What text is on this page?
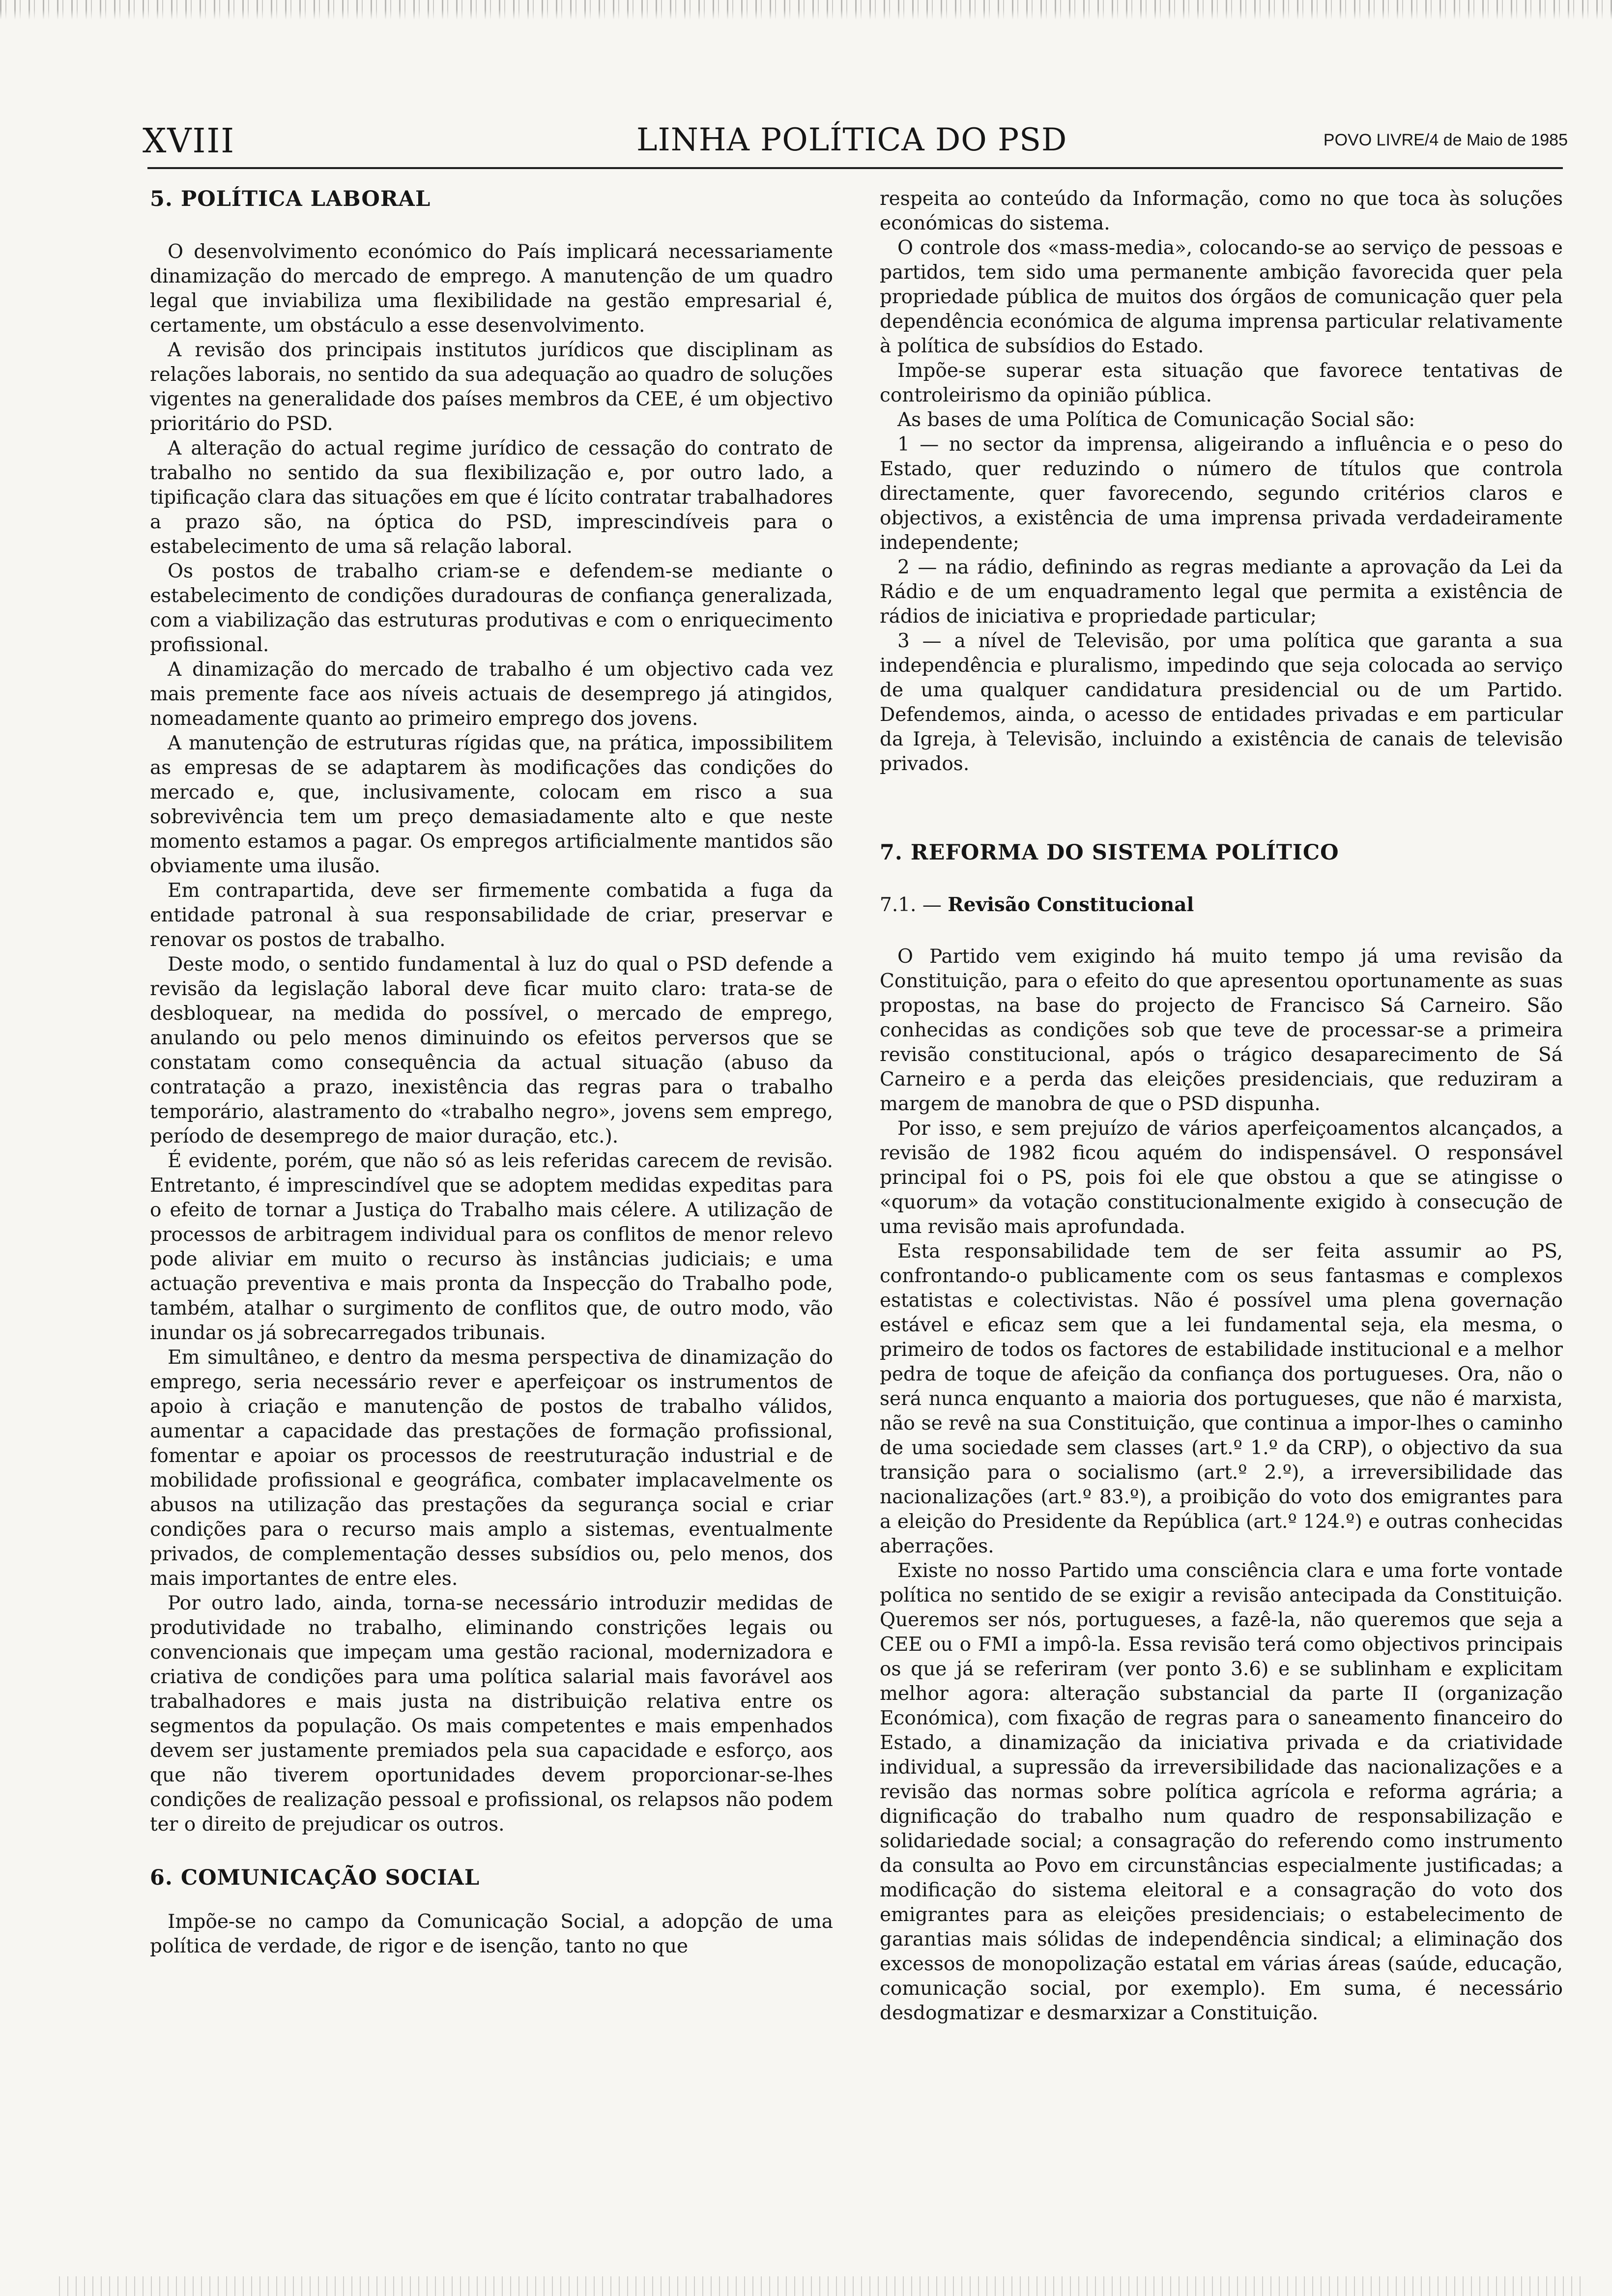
XVIII	LINHA POLÍTICA DO PSD	POVO LIVRE/4 de Maio de 1985
5. POLÍTICA LABORAL

O desenvolvimento económico do País implicará necessariamente dinamização do mercado de emprego. A manutenção de um quadro legal que inviabiliza uma flexibilidade na gestão empresarial é, certamente, um obstáculo a esse desenvolvimento.

A revisão dos principais institutos jurídicos que disciplinam as relações laborais, no sentido da sua adequação ao quadro de soluções vigentes na generalidade dos países membros da CEE, é um objectivo prioritário do PSD.

A alteração do actual regime jurídico de cessação do contrato de trabalho no sentido da sua flexibilização e, por outro lado, a tipificação clara das situações em que é lícito contratar trabalhadores a prazo são, na óptica do PSD, imprescindíveis para o estabelecimento de uma sã relação laboral.

Os postos de trabalho criam-se e defendem-se mediante o estabelecimento de condições duradouras de confiança generalizada, com a viabilização das estruturas produtivas e com o enriquecimento profissional.

A dinamização do mercado de trabalho é um objectivo cada vez mais premente face aos níveis actuais de desemprego já atingidos, nomeadamente quanto ao primeiro emprego dos jovens.

A manutenção de estruturas rígidas que, na prática, impossibilitem as empresas de se adaptarem às modificações das condições do mercado e, que, inclusivamente, colocam em risco a sua sobrevivência tem um preço demasiadamente alto e que neste momento estamos a pagar. Os empregos artificialmente mantidos são obviamente uma ilusão.

Em contrapartida, deve ser firmemente combatida a fuga da entidade patronal à sua responsabilidade de criar, preservar e renovar os postos de trabalho.

Deste modo, o sentido fundamental à luz do qual o PSD defende a revisão da legislação laboral deve ficar muito claro: trata-se de desbloquear, na medida do possível, o mercado de emprego, anulando ou pelo menos diminuindo os efeitos perversos que se constatam como consequência da actual situação (abuso da contratação a prazo, inexistência das regras para o trabalho temporário, alastramento do «trabalho negro», jovens sem emprego, período de desemprego de maior duração, etc.).

É evidente, porém, que não só as leis referidas carecem de revisão. Entretanto, é imprescindível que se adoptem medidas expeditas para o efeito de tornar a Justiça do Trabalho mais célere. A utilização de processos de arbitragem individual para os conflitos de menor relevo pode aliviar em muito o recurso às instâncias judiciais; e uma actuação preventiva e mais pronta da Inspecção do Trabalho pode, também, atalhar o surgimento de conflitos que, de outro modo, vão inundar os já sobrecarregados tribunais.

Em simultâneo, e dentro da mesma perspectiva de dinamização do emprego, seria necessário rever e aperfeiçoar os instrumentos de apoio à criação e manutenção de postos de trabalho válidos, aumentar a capacidade das prestações de formação profissional, fomentar e apoiar os processos de reestruturação industrial e de mobilidade profissional e geográfica, combater implacavelmente os abusos na utilização das prestações da segurança social e criar condições para o recurso mais amplo a sistemas, eventualmente privados, de complementação desses subsídios ou, pelo menos, dos mais importantes de entre eles.

Por outro lado, ainda, torna-se necessário introduzir medidas de produtividade no trabalho, eliminando constrições legais ou convencionais que impeçam uma gestão racional, modernizadora e criativa de condições para uma política salarial mais favorável aos trabalhadores e mais justa na distribuição relativa entre os segmentos da população. Os mais competentes e mais empenhados devem ser justamente premiados pela sua capacidade e esforço, aos que não tiverem oportunidades devem proporcionar-se-lhes condições de realização pessoal e profissional, os relapsos não podem ter o direito de prejudicar os outros.

6. COMUNICAÇÃO SOCIAL

Impõe-se no campo da Comunicação Social, a adopção de uma política de verdade, de rigor e de isenção, tanto no que

respeita ao conteúdo da Informação, como no que toca às soluções económicas do sistema.

O controle dos «mass-media», colocando-se ao serviço de pessoas e partidos, tem sido uma permanente ambição favorecida quer pela propriedade pública de muitos dos órgãos de comunicação quer pela dependência económica de alguma imprensa particular relativamente à política de subsídios do Estado.

Impõe-se superar esta situação que favorece tentativas de controleirismo da opinião pública.

As bases de uma Política de Comunicação Social são:

1 — no sector da imprensa, aligeirando a influência e o peso do Estado, quer reduzindo o número de títulos que controla directamente, quer favorecendo, segundo critérios claros e objectivos, a existência de uma imprensa privada verdadeiramente independente;

2 — na rádio, definindo as regras mediante a aprovação da Lei da Rádio e de um enquadramento legal que permita a existência de rádios de iniciativa e propriedade particular;

3 — a nível de Televisão, por uma política que garanta a sua independência e pluralismo, impedindo que seja colocada ao serviço de uma qualquer candidatura presidencial ou de um Partido. Defendemos, ainda, o acesso de entidades privadas e em particular da Igreja, à Televisão, incluindo a existência de canais de televisão privados.

7. REFORMA DO SISTEMA POLÍTICO
7.1. — Revisão Constitucional

O Partido vem exigindo há muito tempo já uma revisão da Constituição, para o efeito do que apresentou oportunamente as suas propostas, na base do projecto de Francisco Sá Carneiro. São conhecidas as condições sob que teve de processar-se a primeira revisão constitucional, após o trágico desaparecimento de Sá Carneiro e a perda das eleições presidenciais, que reduziram a margem de manobra de que o PSD dispunha.

Por isso, e sem prejuízo de vários aperfeiçoamentos alcançados, a revisão de 1982 ficou aquém do indispensável. O responsável principal foi o PS, pois foi ele que obstou a que se atingisse o «quorum» da votação constitucionalmente exigido à consecução de uma revisão mais aprofundada.

Esta responsabilidade tem de ser feita assumir ao PS, confrontando-o publicamente com os seus fantasmas e complexos estatistas e colectivistas. Não é possível uma plena governação estável e eficaz sem que a lei fundamental seja, ela mesma, o primeiro de todos os factores de estabilidade institucional e a melhor pedra de toque de afeição da confiança dos portugueses. Ora, não o será nunca enquanto a maioria dos portugueses, que não é marxista, não se revê na sua Constituição, que continua a impor-lhes o caminho de uma sociedade sem classes (art.º 1.º da CRP), o objectivo da sua transição para o socialismo (art.º 2.º), a irreversibilidade das nacionalizações (art.º 83.º), a proibição do voto dos emigrantes para a eleição do Presidente da República (art.º 124.º) e outras conhecidas aberrações.

Existe no nosso Partido uma consciência clara e uma forte vontade política no sentido de se exigir a revisão antecipada da Constituição. Queremos ser nós, portugueses, a fazê-la, não queremos que seja a CEE ou o FMI a impô-la. Essa revisão terá como objectivos principais os que já se referiram (ver ponto 3.6) e se sublinham e explicitam melhor agora: alteração substancial da parte II (organização Económica), com fixação de regras para o saneamento financeiro do Estado, a dinamização da iniciativa privada e da criatividade individual, a supressão da irreversibilidade das nacionalizações e a revisão das normas sobre política agrícola e reforma agrária; a dignificação do trabalho num quadro de responsabilização e solidariedade social; a consagração do referendo como instrumento da consulta ao Povo em circunstâncias especialmente justificadas; a modificação do sistema eleitoral e a consagração do voto dos emigrantes para as eleições presidenciais; o estabelecimento de garantias mais sólidas de independência sindical; a eliminação dos excessos de monopolização estatal em várias áreas (saúde, educação, comunicação social, por exemplo). Em suma, é necessário desdogmatizar e desmarxizar a Constituição.
